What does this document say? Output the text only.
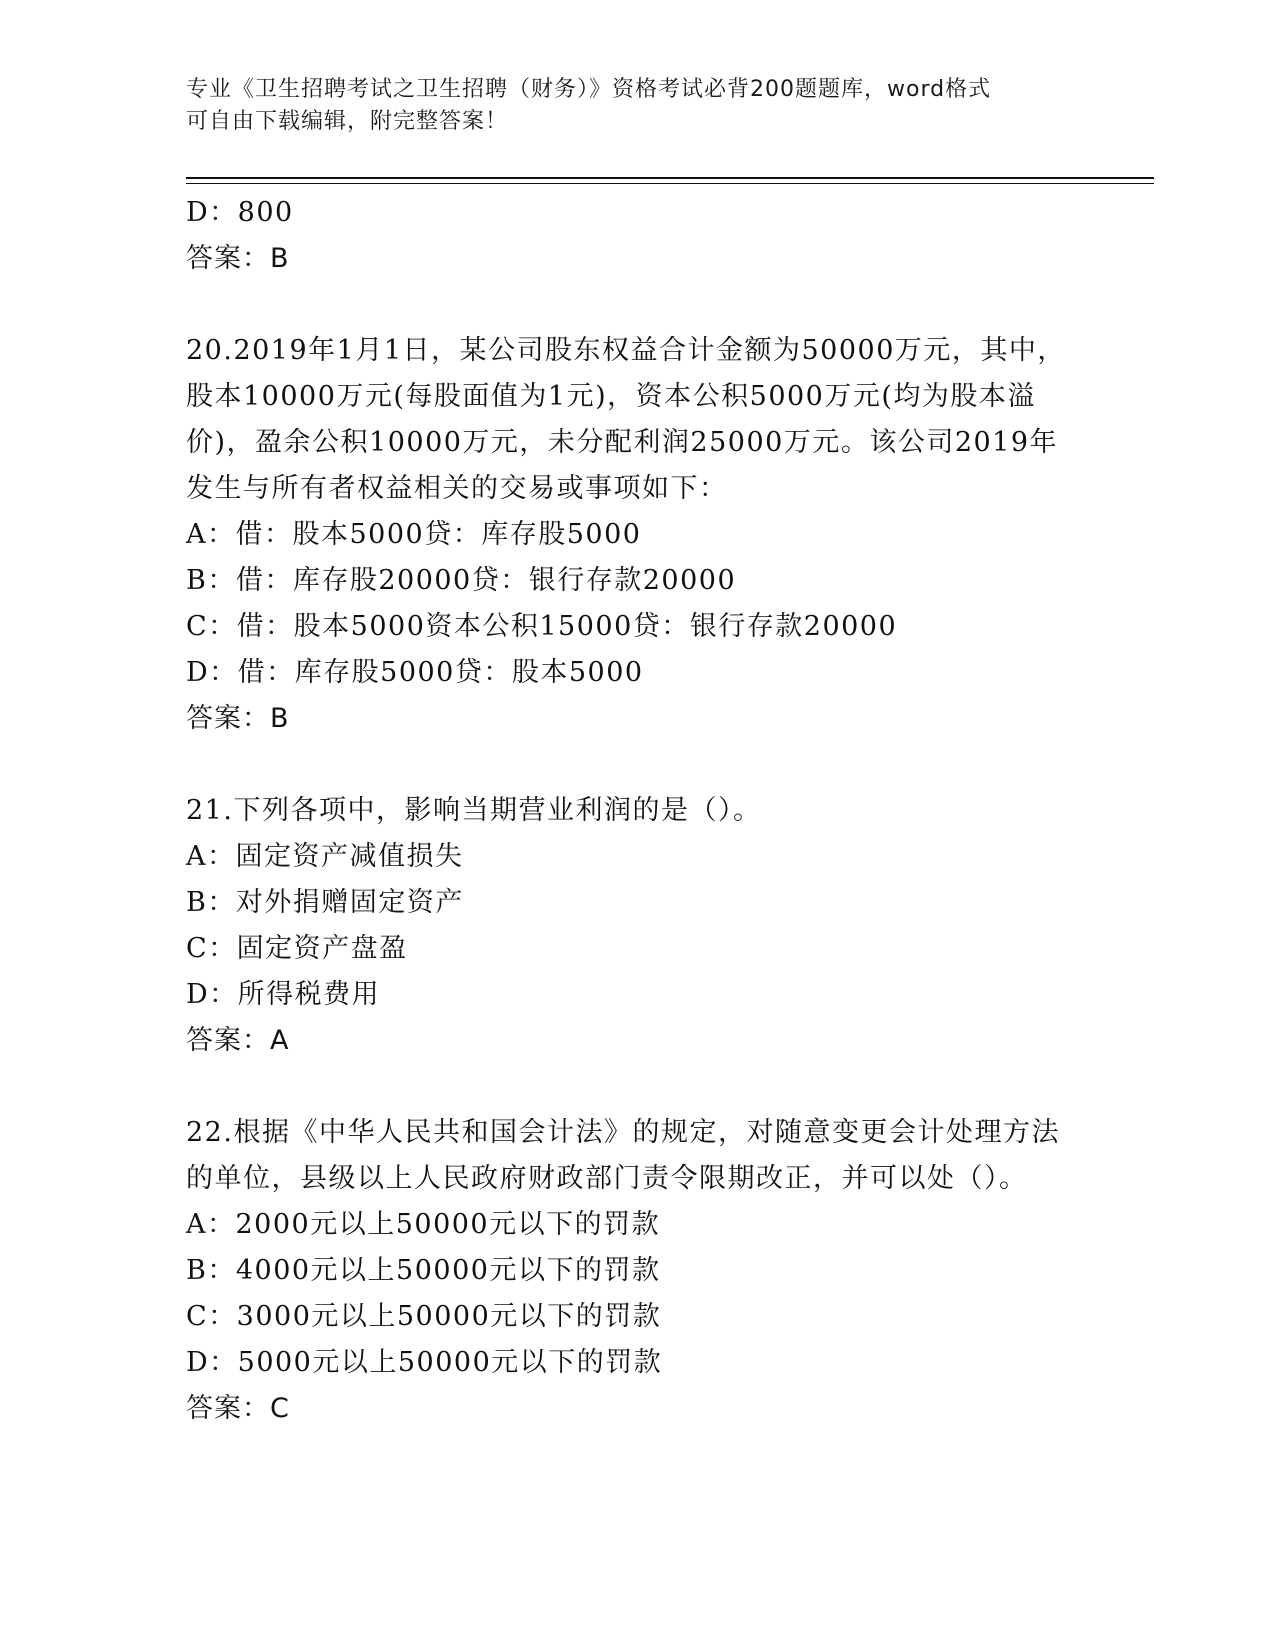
专业《卫生招聘考试之卫生招聘（财务）》资格考试必背200题题库，word格式
可自由下载编辑，附完整答案！
D：800
答案：B
20.2019年1月1日，某公司股东权益合计金额为50000万元，其中，
股本10000万元(每股面值为1元)，资本公积5000万元(均为股本溢
价)，盈余公积10000万元，未分配利润25000万元。该公司2019年
发生与所有者权益相关的交易或事项如下：
A：借：股本5000贷：库存股5000
B：借：库存股20000贷：银行存款20000
C：借：股本5000资本公积15000贷：银行存款20000
D：借：库存股5000贷：股本5000
答案：B
21.下列各项中，影响当期营业利润的是（）。
A：固定资产减值损失
B：对外捐赠固定资产
C：固定资产盘盈
D：所得税费用
答案：A
22.根据《中华人民共和国会计法》的规定，对随意变更会计处理方法
的单位，县级以上人民政府财政部门责令限期改正，并可以处（）。
A：2000元以上50000元以下的罚款
B：4000元以上50000元以下的罚款
C：3000元以上50000元以下的罚款
D：5000元以上50000元以下的罚款
答案：C
